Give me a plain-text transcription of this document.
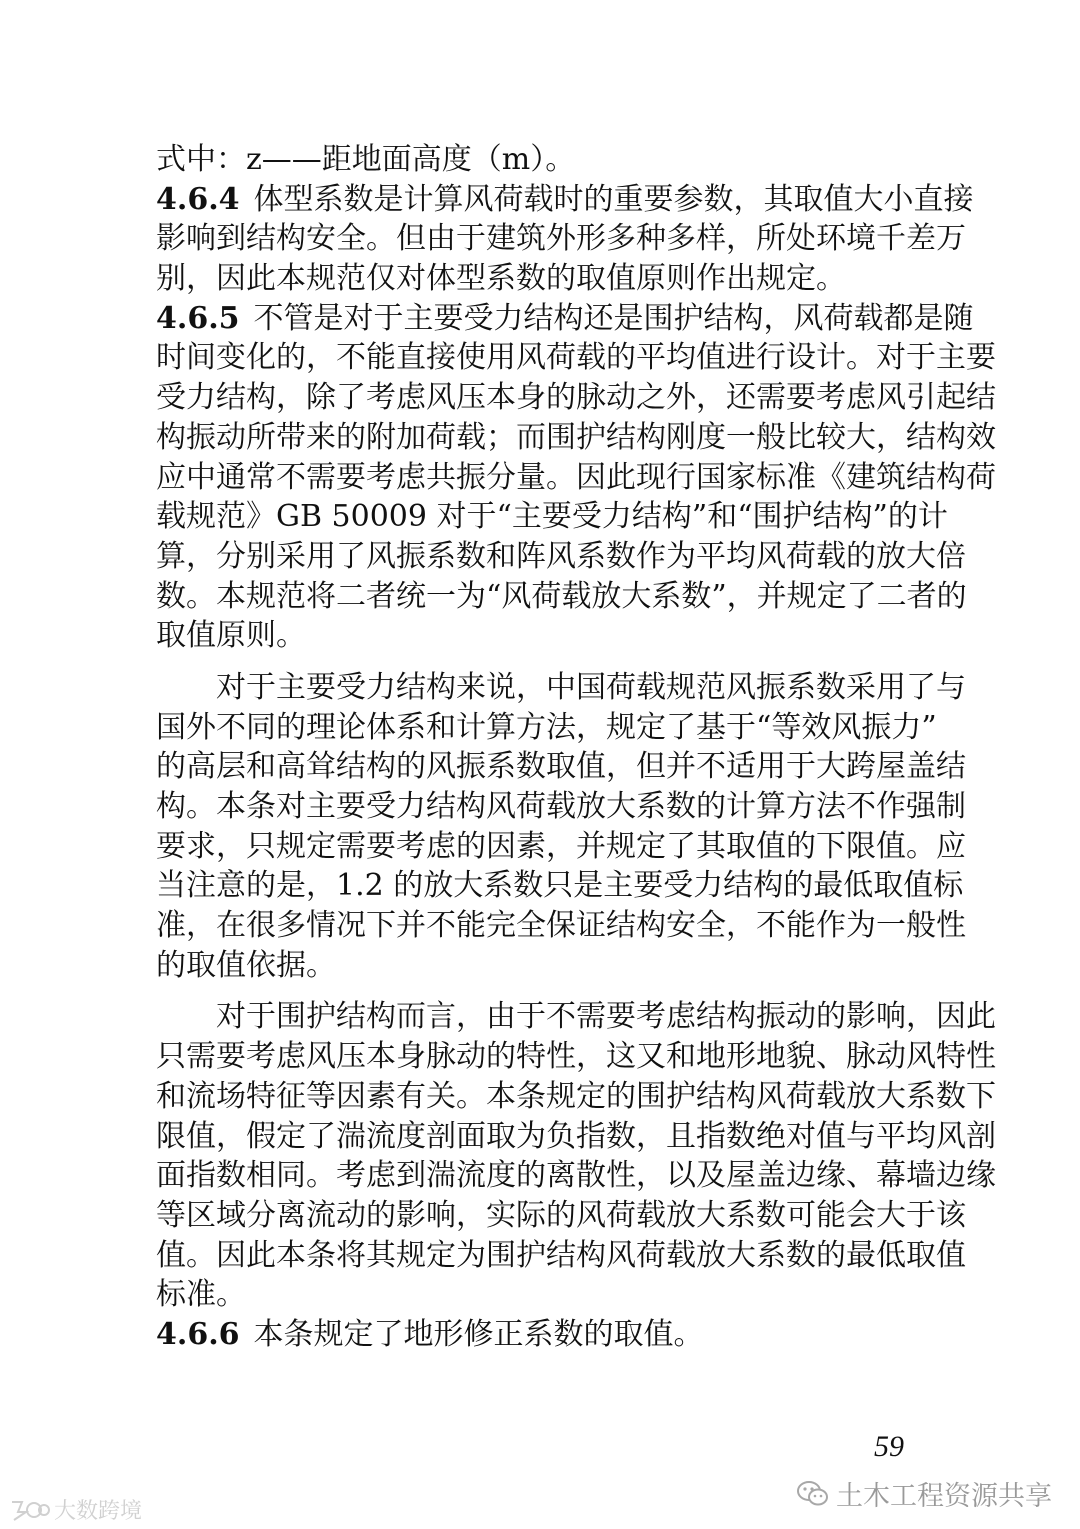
式中：z——距地面高度（m）。
4.6.4 体型系数是计算风荷载时的重要参数，其取值大小直接
影响到结构安全。但由于建筑外形多种多样，所处环境千差万
别，因此本规范仅对体型系数的取值原则作出规定。
4.6.5 不管是对于主要受力结构还是围护结构，风荷载都是随
时间变化的，不能直接使用风荷载的平均值进行设计。对于主要
受力结构，除了考虑风压本身的脉动之外，还需要考虑风引起结
构振动所带来的附加荷载；而围护结构刚度一般比较大，结构效
应中通常不需要考虑共振分量。因此现行国家标准《建筑结构荷
载规范》GB 50009 对于“主要受力结构”和“围护结构”的计
算，分别采用了风振系数和阵风系数作为平均风荷载的放大倍
数。本规范将二者统一为“风荷载放大系数”，并规定了二者的
取值原则。
对于主要受力结构来说，中国荷载规范风振系数采用了与
国外不同的理论体系和计算方法，规定了基于“等效风振力”
的高层和高耸结构的风振系数取值，但并不适用于大跨屋盖结
构。本条对主要受力结构风荷载放大系数的计算方法不作强制
要求，只规定需要考虑的因素，并规定了其取值的下限值。应
当注意的是，1.2 的放大系数只是主要受力结构的最低取值标
准，在很多情况下并不能完全保证结构安全，不能作为一般性
的取值依据。
对于围护结构而言，由于不需要考虑结构振动的影响，因此
只需要考虑风压本身脉动的特性，这又和地形地貌、脉动风特性
和流场特征等因素有关。本条规定的围护结构风荷载放大系数下
限值，假定了湍流度剖面取为负指数，且指数绝对值与平均风剖
面指数相同。考虑到湍流度的离散性，以及屋盖边缘、幕墙边缘
等区域分离流动的影响，实际的风荷载放大系数可能会大于该
值。因此本条将其规定为围护结构风荷载放大系数的最低取值
标准。
4.6.6 本条规定了地形修正系数的取值。
59
土木工程资源共享
大数跨境
